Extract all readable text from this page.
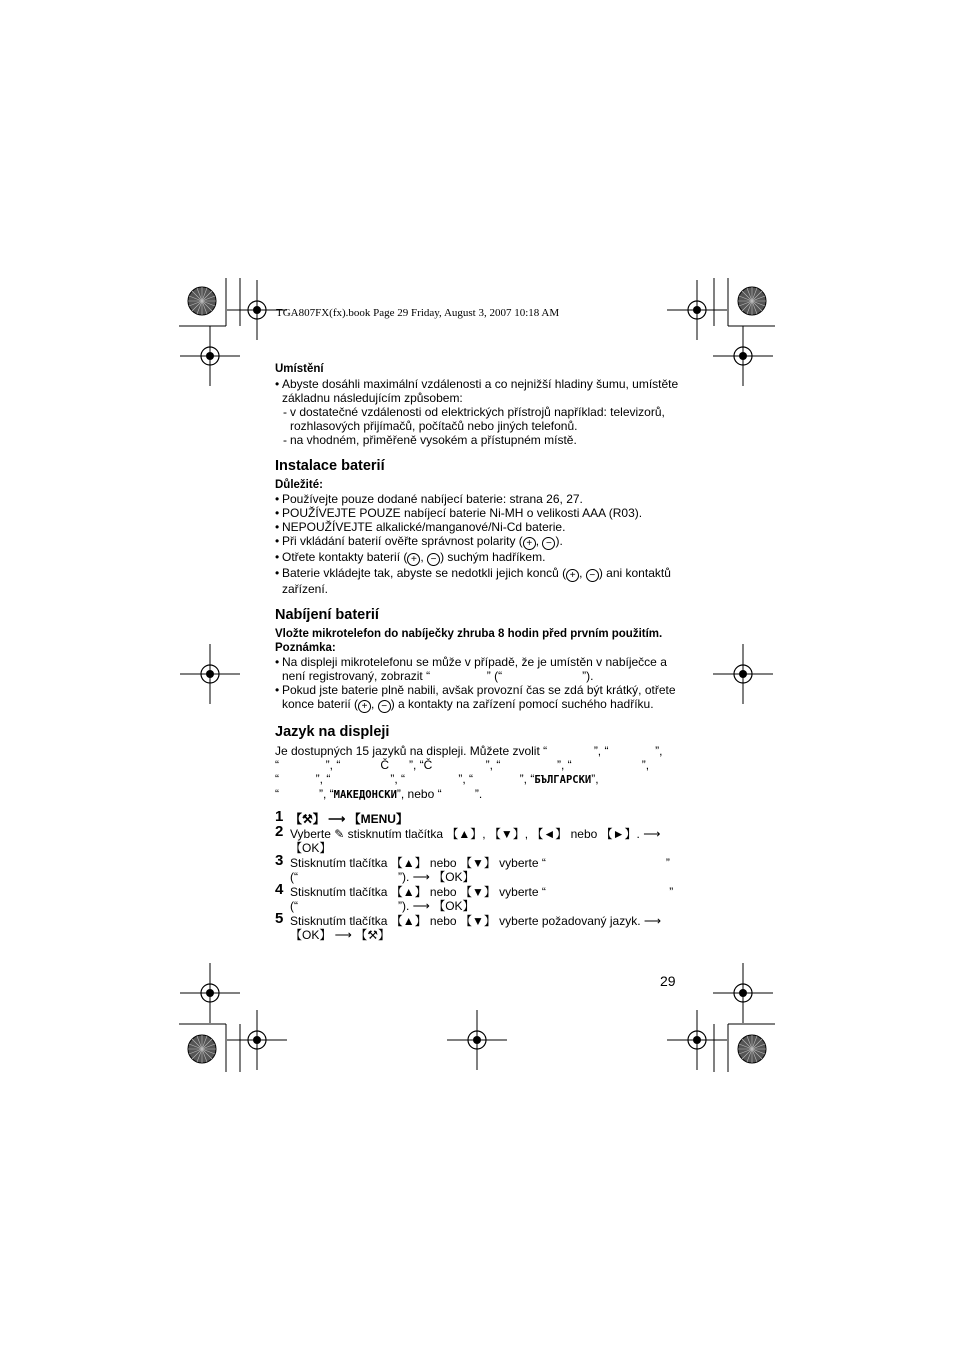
TGA807FX(fx).book Page 29 Friday, August 3, 2007 10:18 AM
Umístění
• Abyste dosáhli maximální vzdálenosti a co nejnižší hladiny šumu, umístěte základnu následujícím způsobem:
- v dostatečné vzdálenosti od elektrických přístrojů například: televizorů, rozhlasových přijímačů, počítačů nebo jiných telefonů.
- na vhodném, přiměřeně vysokém a přístupném místě.
Instalace baterií
Důležité:
• Používejte pouze dodané nabíjecí baterie: strana 26, 27.
• POUŽÍVEJTE POUZE nabíjecí baterie Ni-MH o velikosti AAA (R03).
• NEPOUŽÍVEJTE alkalické/manganové/Ni-Cd baterie.
• Při vkládání baterií ověřte správnost polarity ( + , − ).
• Otřete kontakty baterií ( + , − ) suchým hadříkem.
• Baterie vkládejte tak, abyste se nedotkli jejich konců ( + , − ) ani kontaktů zařízení.
Nabíjení baterií
Vložte mikrotelefon do nabíječky zhruba 8 hodin před prvním použitím.
Poznámka:
• Na displeji mikrotelefonu se může v případě, že je umístěn v nabíječce a není registrovaný, zobrazit “                 ” (“                        ”).
• Pokud jste baterie plně nabili, avšak provozní čas se zdá být krátký, otřete konce baterií ( + , − ) a kontakty na zařízení pomocí suchého hadříku.
Jazyk na displeji
Je dostupných 15 jazyků na displeji. Můžete zvolit “              ”, “              ”,
“              ”, “            Č      ”, “Č                ”, “                 ”, “                     ”,
“           ”, “                  ”, “                ”, “              ”, “БЪЛГАРСКИ”,
“            ”, “МАКЕДОНСКИ”, nebo “          ”.
1 【⚒】 ⟶ 【MENU】
2 Vyberte ✎ stisknutím tlačítka 【▲】, 【▼】, 【◄】 nebo 【►】. ⟶ 【OK】
3 Stisknutím tlačítka 【▲】 nebo 【▼】 vyberte “                                    ” (“                              ”). ⟶ 【OK】
4 Stisknutím tlačítka 【▲】 nebo 【▼】 vyberte “                                     ” (“                              ”). ⟶ 【OK】
5 Stisknutím tlačítka 【▲】 nebo 【▼】 vyberte požadovaný jazyk. ⟶ 【OK】 ⟶ 【⚒】
29
